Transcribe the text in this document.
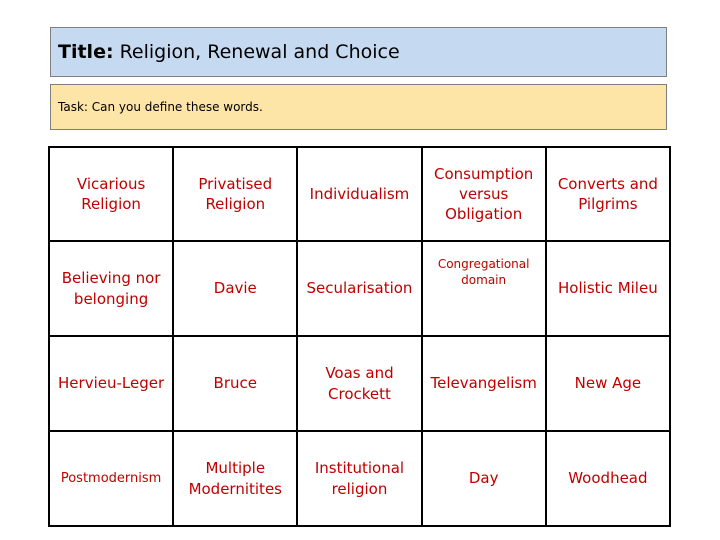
Title: Religion, Renewal and Choice
Task: Can you define these words.
Vicarious Religion	Privatised Religion	Individualism	Consumption versus Obligation	Converts and Pilgrims
Believing nor belonging	Davie	Secularisation	Congregational domain	Holistic Mileu
Hervieu-Leger	Bruce	Voas and Crockett	Televangelism	New Age
Postmodernism	Multiple Modernitites	Institutional religion	Day	Woodhead
